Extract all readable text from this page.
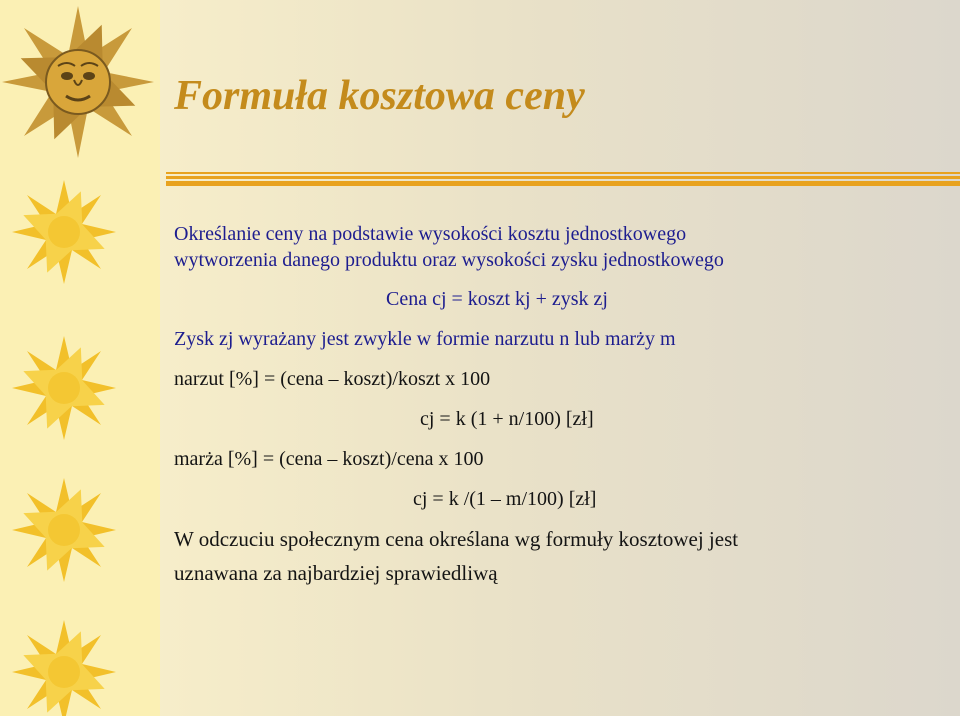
Formuła kosztowa ceny
Określanie ceny na podstawie wysokości kosztu jednostkowego
wytworzenia danego produktu oraz wysokości zysku jednostkowego
Cena cj = koszt kj + zysk zj
Zysk zj wyrażany jest zwykle w formie narzutu n lub marży m
narzut [%] = (cena – koszt)/koszt x 100
cj = k (1 + n/100) [zł]
marża [%] = (cena – koszt)/cena x 100
cj = k /(1 – m/100) [zł]
W odczuciu społecznym cena określana wg formuły kosztowej jest
uznawana za najbardziej sprawiedliwą
